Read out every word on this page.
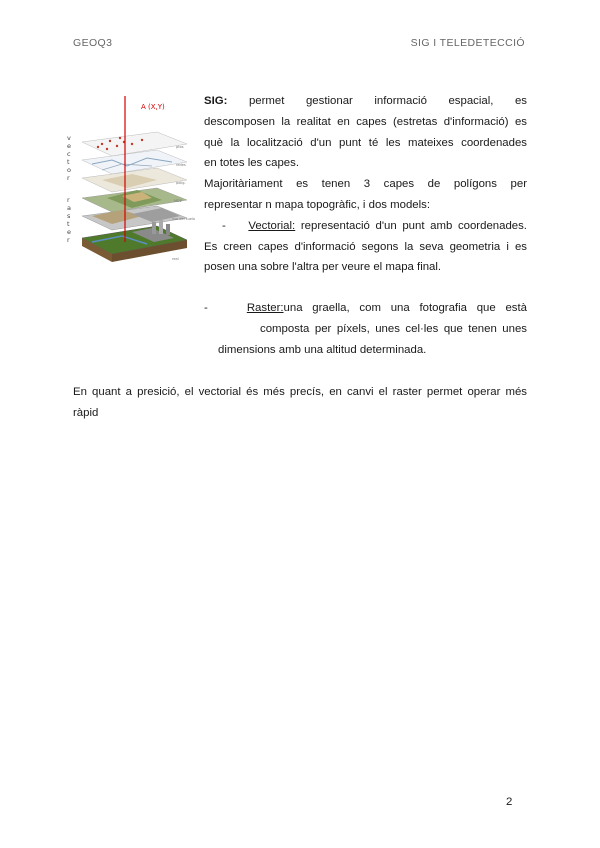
GEOQ3	SIG I TELEDETECCIÓ
v
e
c
t
o
r
r
a
s
t
e
r
A (X,Y)
ptos
redes
polig.
MDE
uso del suelo
real

SIG: permet gestionar informació espacial, es

descomposen la realitat en capes (estretas d'informació) es

què la localització d'un punt té les mateixes coordenades

en totes les capes.

Majoritàriament es tenen 3 capes de polígons per

representar n mapa topogràfic, i dos models:

- Vectorial: representació d'un punt amb coordenades.

Es creen capes d'informació segons la seva geometria i es

posen una sobre l'altra per veure el mapa final.

-	Raster:una graella, com una fotografia que està

composta per píxels, unes cel·les que tenen unes

dimensions amb una altitud determinada.

En quant a presició, el vectorial és més precís, en canvi el raster permet operar més

ràpid

2
